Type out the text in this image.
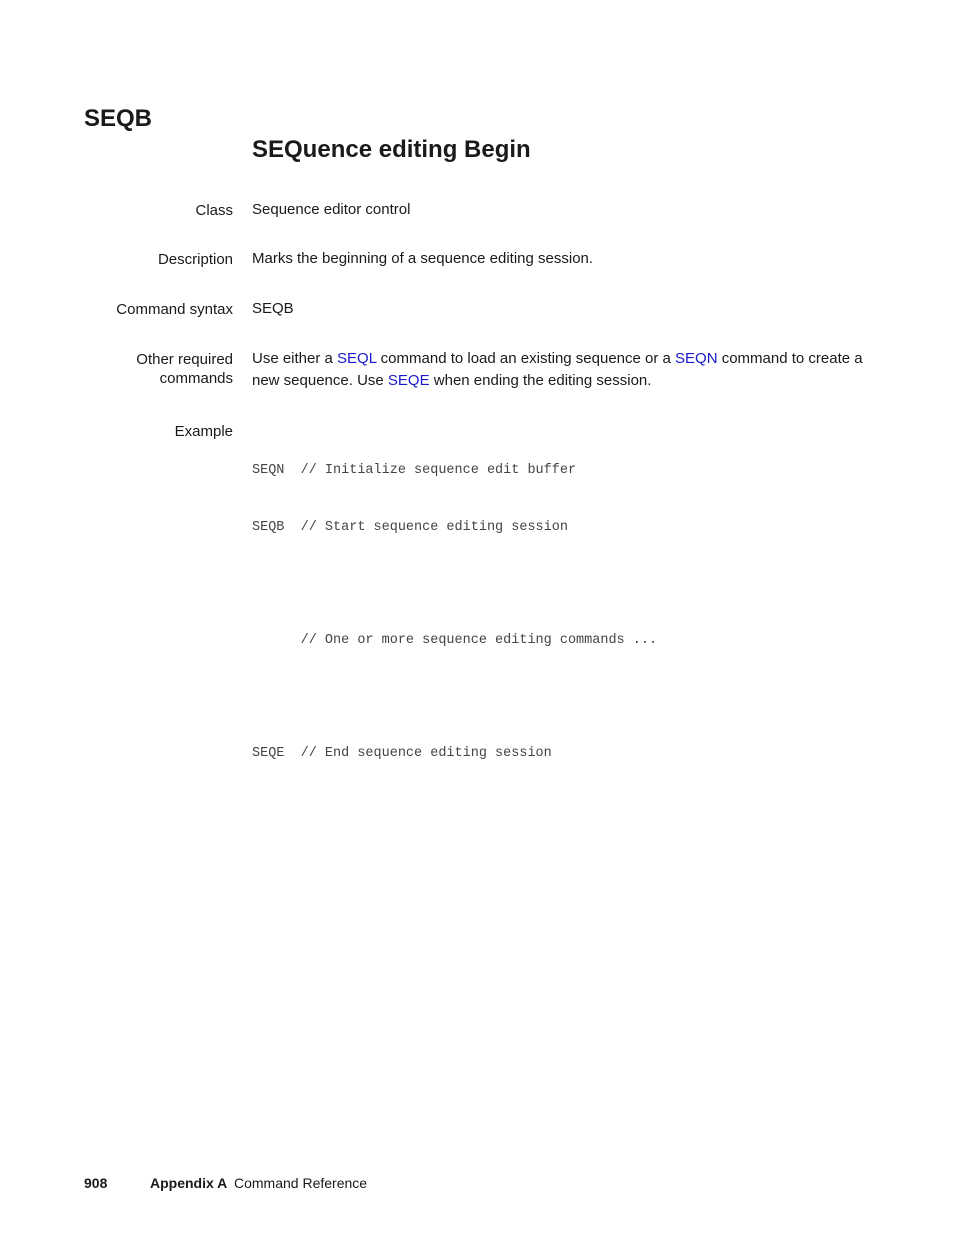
SEQB
SEQuence editing Begin
Class Sequence editor control
Description Marks the beginning of a sequence editing session.
Command syntax SEQB
Other required
commands
Use either a SEQL command to load an existing sequence or a SEQN command to create a new sequence. Use SEQE when ending the editing session.
Example

SEQN  // Initialize sequence edit buffer

SEQB  // Start sequence editing session

// One or more sequence editing commands ...

SEQE  // End sequence editing session

908	Appendix A Command Reference
